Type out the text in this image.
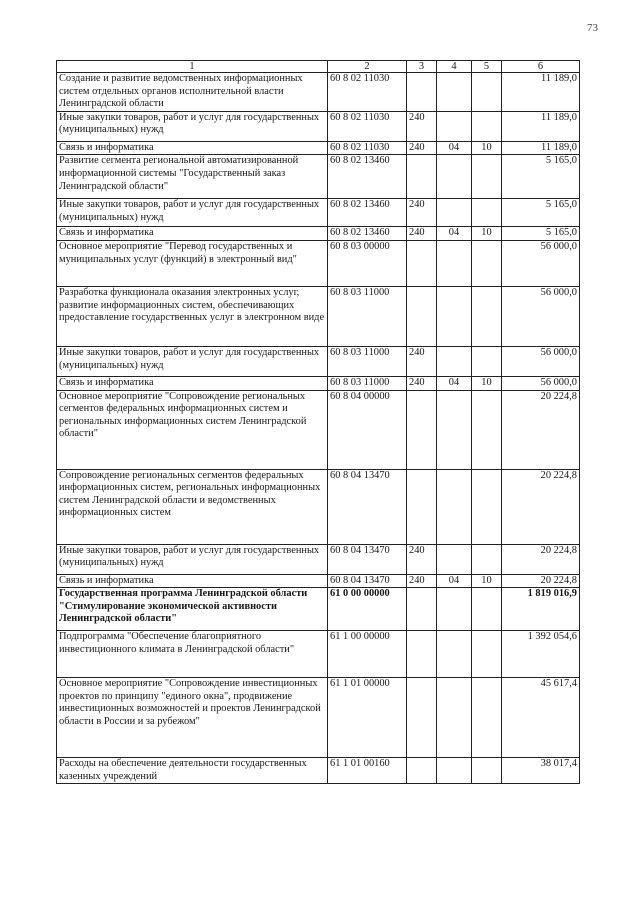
73
1	2	3	4	5	6
Создание и развитие ведомственных информационных систем отдельных органов исполнительной власти Ленинградской области	60 8 02 11030				11 189,0
Иные закупки товаров, работ и услуг для государственных (муниципальных) нужд	60 8 02 11030	240			11 189,0
Связь и информатика	60 8 02 11030	240	04	10	11 189,0
Развитие сегмента региональной автоматизированной информационной системы "Государственный заказ Ленинградской области"	60 8 02 13460				5 165,0
Иные закупки товаров, работ и услуг для государственных (муниципальных) нужд	60 8 02 13460	240			5 165,0
Связь и информатика	60 8 02 13460	240	04	10	5 165,0
Основное мероприятие "Перевод государственных и муниципальных услуг (функций) в электронный вид"	60 8 03 00000				56 000,0
Разработка функционала оказания электронных услуг, развитие информационных систем, обеспечивающих предоставление государственных услуг в электронном виде	60 8 03 11000				56 000,0
Иные закупки товаров, работ и услуг для государственных (муниципальных) нужд	60 8 03 11000	240			56 000,0
Связь и информатика	60 8 03 11000	240	04	10	56 000,0
Основное мероприятие "Сопровождение региональных сегментов федеральных информационных систем и региональных информационных систем Ленинградской области"	60 8 04 00000				20 224,8
Сопровождение региональных сегментов федеральных информационных систем, региональных информационных систем Ленинградской области и ведомственных информационных систем	60 8 04 13470				20 224,8
Иные закупки товаров, работ и услуг для государственных (муниципальных) нужд	60 8 04 13470	240			20 224,8
Связь и информатика	60 8 04 13470	240	04	10	20 224,8
Государственная программа Ленинградской области "Стимулирование экономической активности Ленинградской области"	61 0 00 00000				1 819 016,9
Подпрограмма "Обеспечение благоприятного инвестиционного климата в Ленинградской области"	61 1 00 00000				1 392 054,6
Основное мероприятие "Сопровождение инвестиционных проектов по принципу "единого окна", продвижение инвестиционных возможностей и проектов Ленинградской области в России и за рубежом"	61 1 01 00000				45 617,4
Расходы на обеспечение деятельности государственных казенных учреждений	61 1 01 00160				38 017,4
